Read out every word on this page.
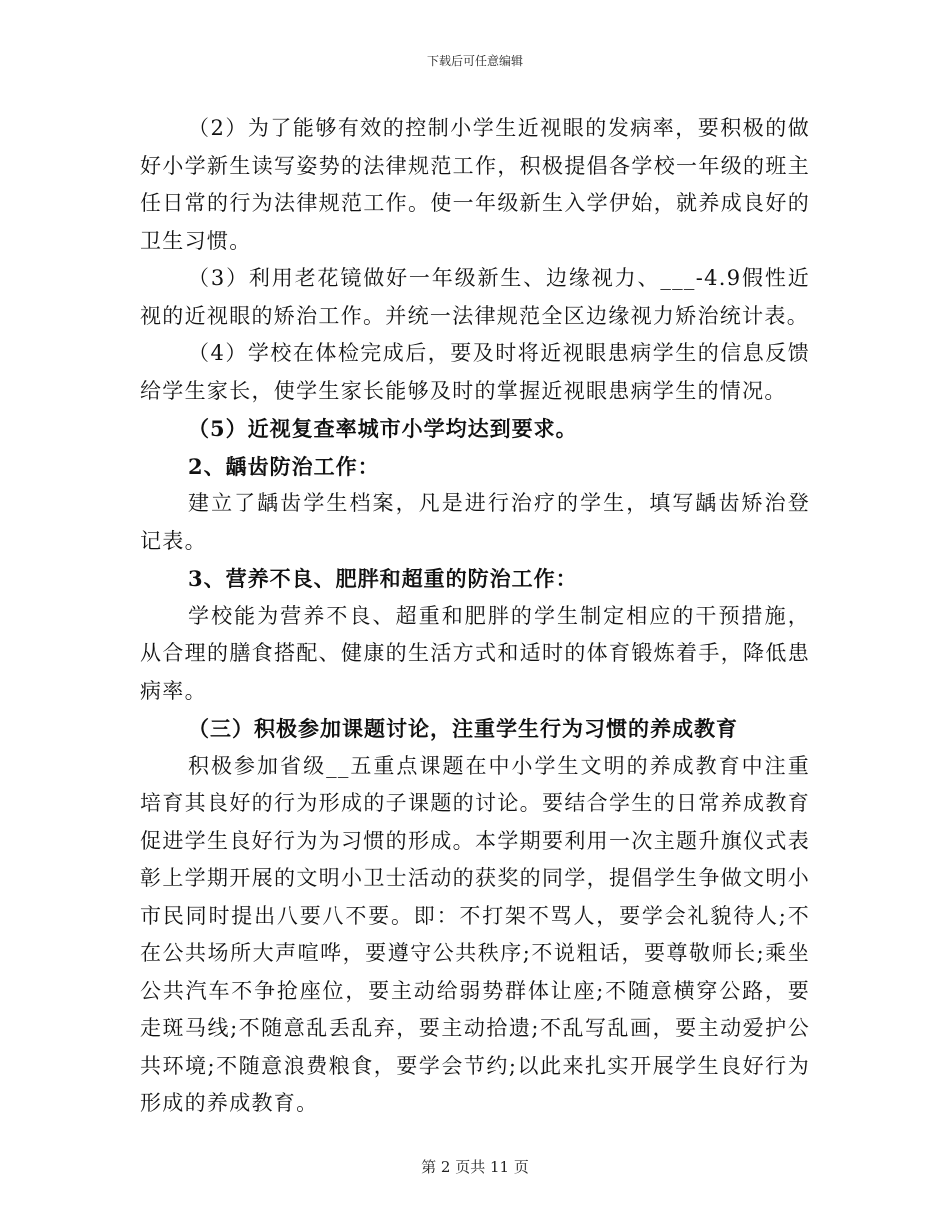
下载后可任意编辑

（2）为了能够有效的控制小学生近视眼的发病率，要积极的做好小学新生读写姿势的法律规范工作，积极提倡各学校一年级的班主任日常的行为法律规范工作。使一年级新生入学伊始，就养成良好的卫生习惯。

（3）利用老花镜做好一年级新生、边缘视力、___-4.9假性近视的近视眼的矫治工作。并统一法律规范全区边缘视力矫治统计表。

（4）学校在体检完成后，要及时将近视眼患病学生的信息反馈给学生家长，使学生家长能够及时的掌握近视眼患病学生的情况。

（5）近视复查率城市小学均达到要求。

2、龋齿防治工作：

建立了龋齿学生档案，凡是进行治疗的学生，填写龋齿矫治登记表。

3、营养不良、肥胖和超重的防治工作：

学校能为营养不良、超重和肥胖的学生制定相应的干预措施，从合理的膳食搭配、健康的生活方式和适时的体育锻炼着手，降低患病率。

（三）积极参加课题讨论，注重学生行为习惯的养成教育

积极参加省级__五重点课题在中小学生文明的养成教育中注重培育其良好的行为形成的子课题的讨论。要结合学生的日常养成教育促进学生良好行为为习惯的形成。本学期要利用一次主题升旗仪式表彰上学期开展的文明小卫士活动的获奖的同学，提倡学生争做文明小市民同时提出八要八不要。即：不打架不骂人，要学会礼貌待人;不在公共场所大声喧哗，要遵守公共秩序;不说粗话，要尊敬师长;乘坐公共汽车不争抢座位，要主动给弱势群体让座;不随意横穿公路，要走斑马线;不随意乱丢乱弃，要主动拾遗;不乱写乱画，要主动爱护公共环境;不随意浪费粮食，要学会节约;以此来扎实开展学生良好行为形成的养成教育。

第 2 页共 11 页
